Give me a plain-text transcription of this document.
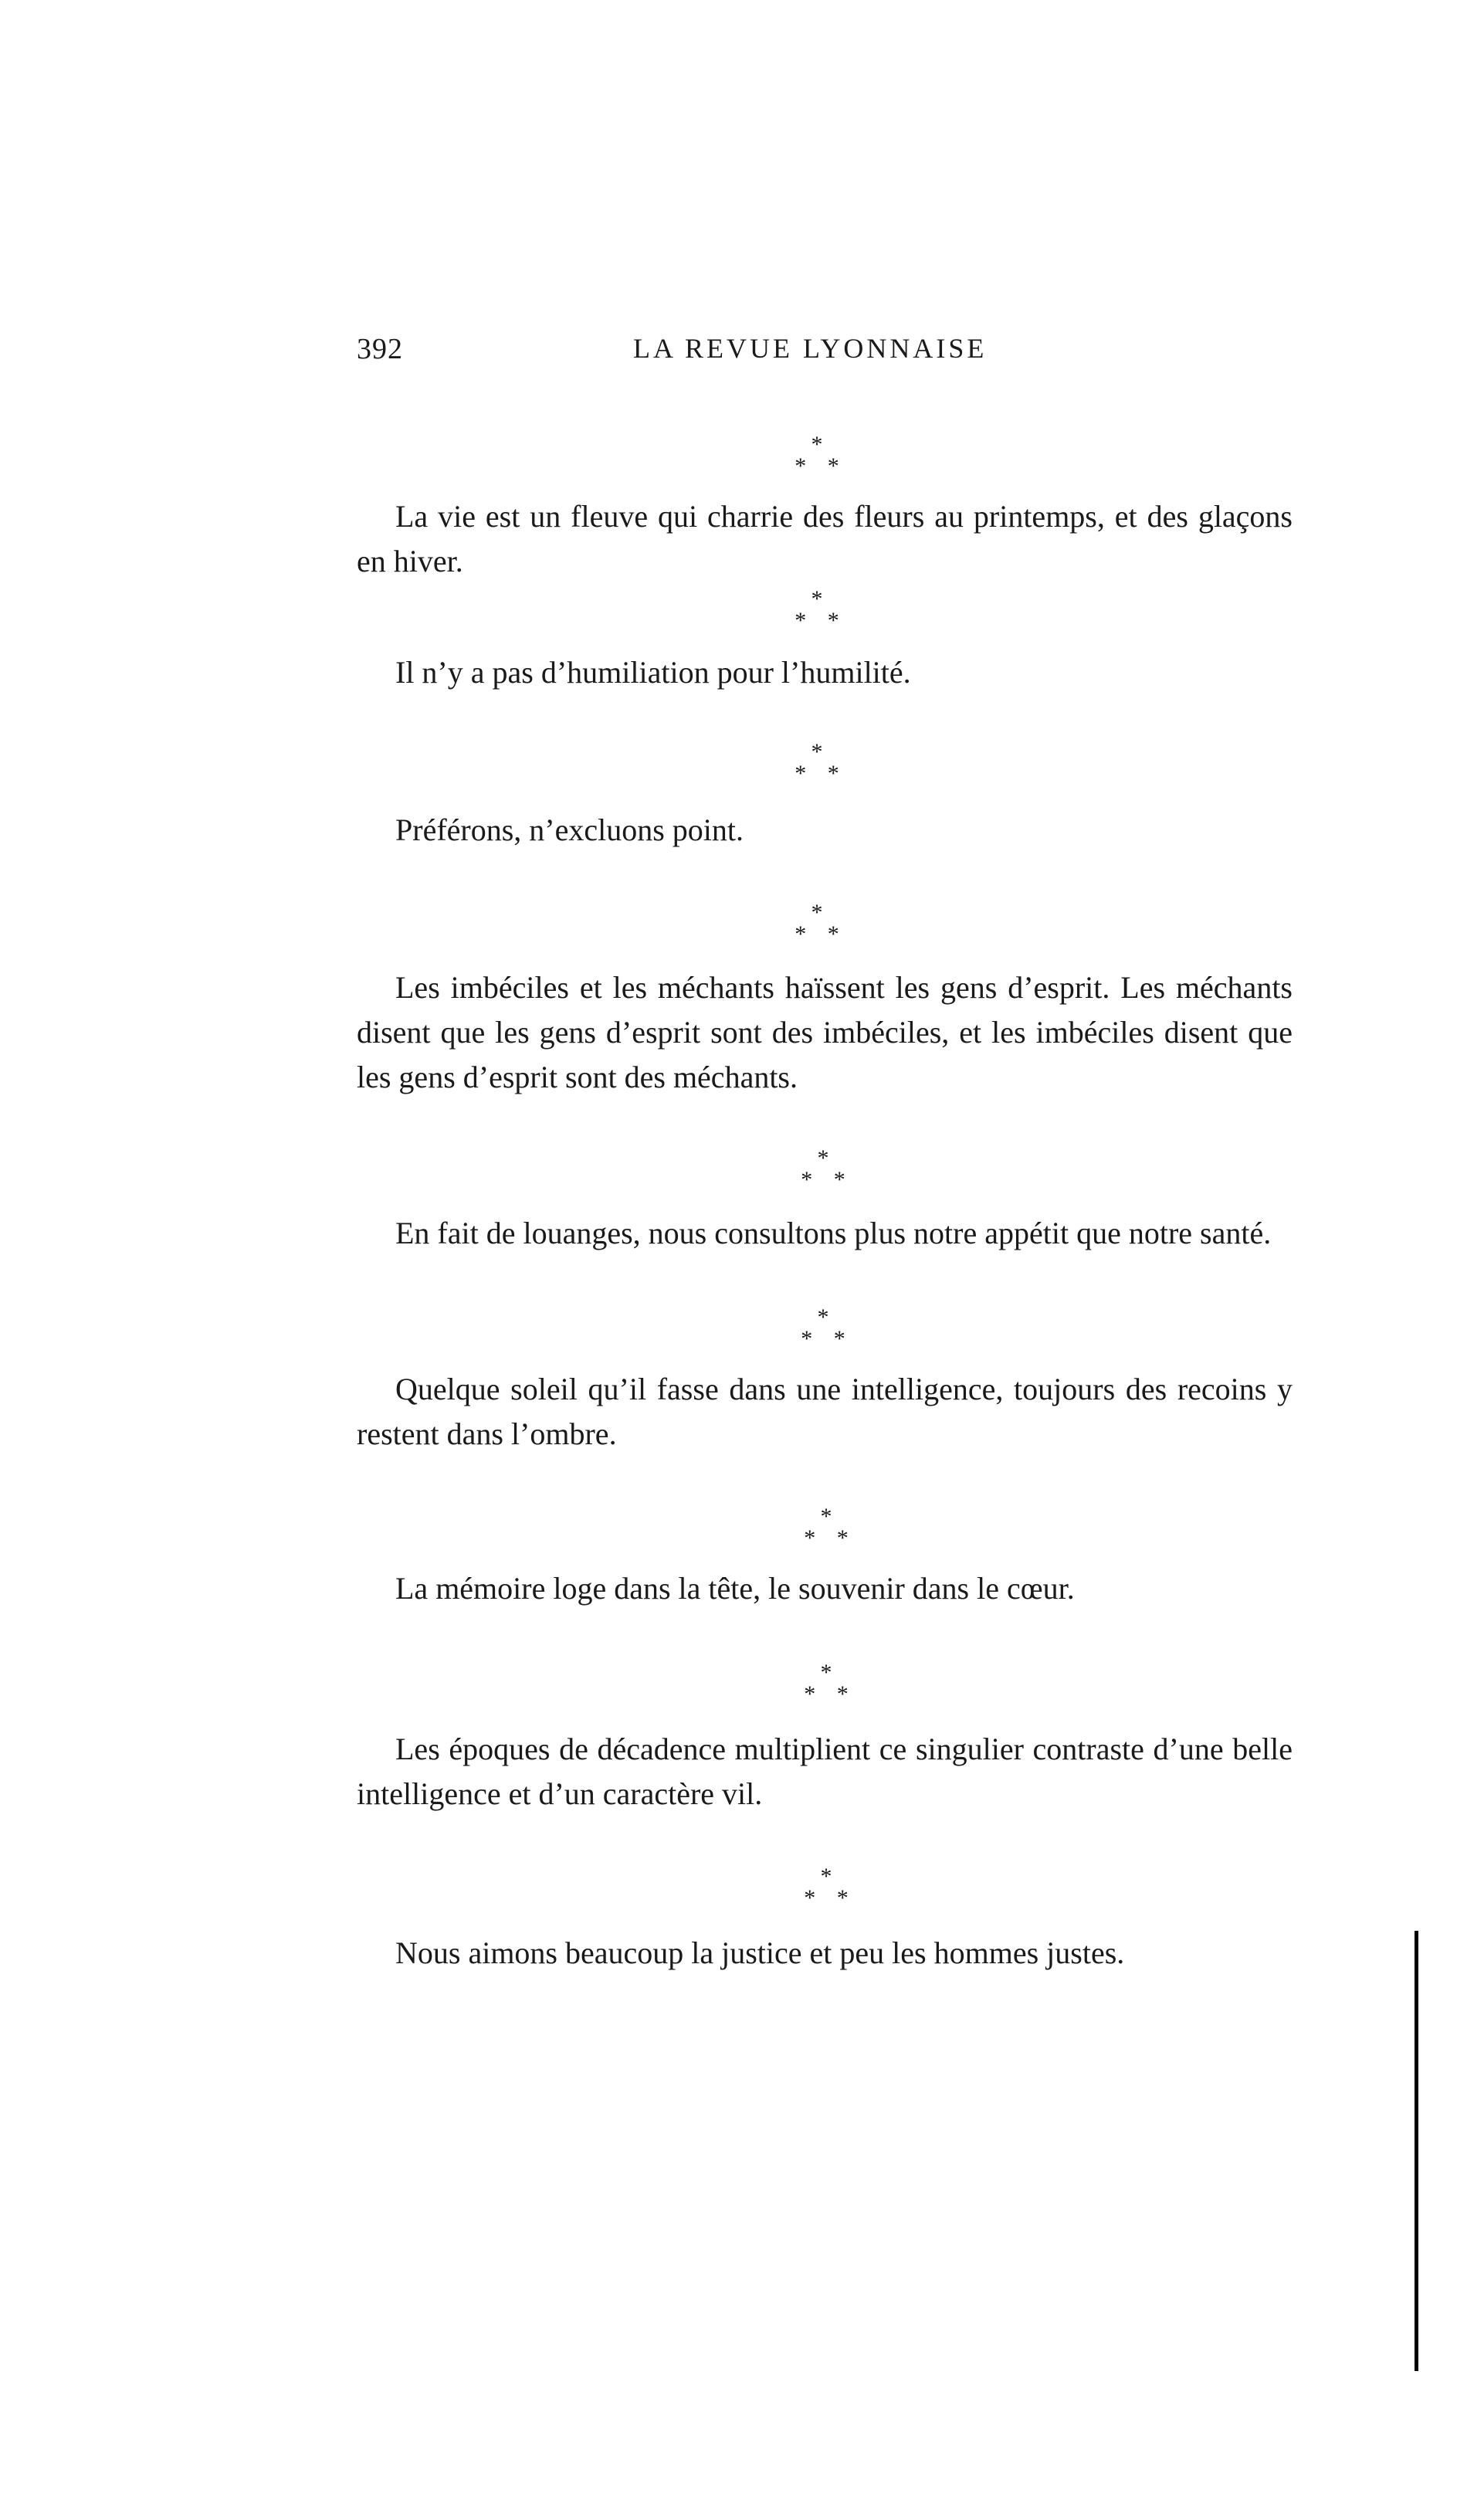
392	LA REVUE LYONNAISE
*
* *

La vie est un fleuve qui charrie des fleurs au printemps, et des glaçons en hiver.

*
* *

Il n’y a pas d’humiliation pour l’humilité.

*
* *

Préférons, n’excluons point.

*
* *

Les imbéciles et les méchants haïssent les gens d’esprit. Les méchants disent que les gens d’esprit sont des imbéciles, et les imbéciles disent que les gens d’esprit sont des méchants.

*
* *

En fait de louanges, nous consultons plus notre appétit que notre santé.

*
* *

Quelque soleil qu’il fasse dans une intelligence, toujours des recoins y restent dans l’ombre.

*
* *

La mémoire loge dans la tête, le souvenir dans le cœur.

*
* *

Les époques de décadence multiplient ce singulier contraste d’une belle intelligence et d’un caractère vil.

*
* *

Nous aimons beaucoup la justice et peu les hommes justes.
